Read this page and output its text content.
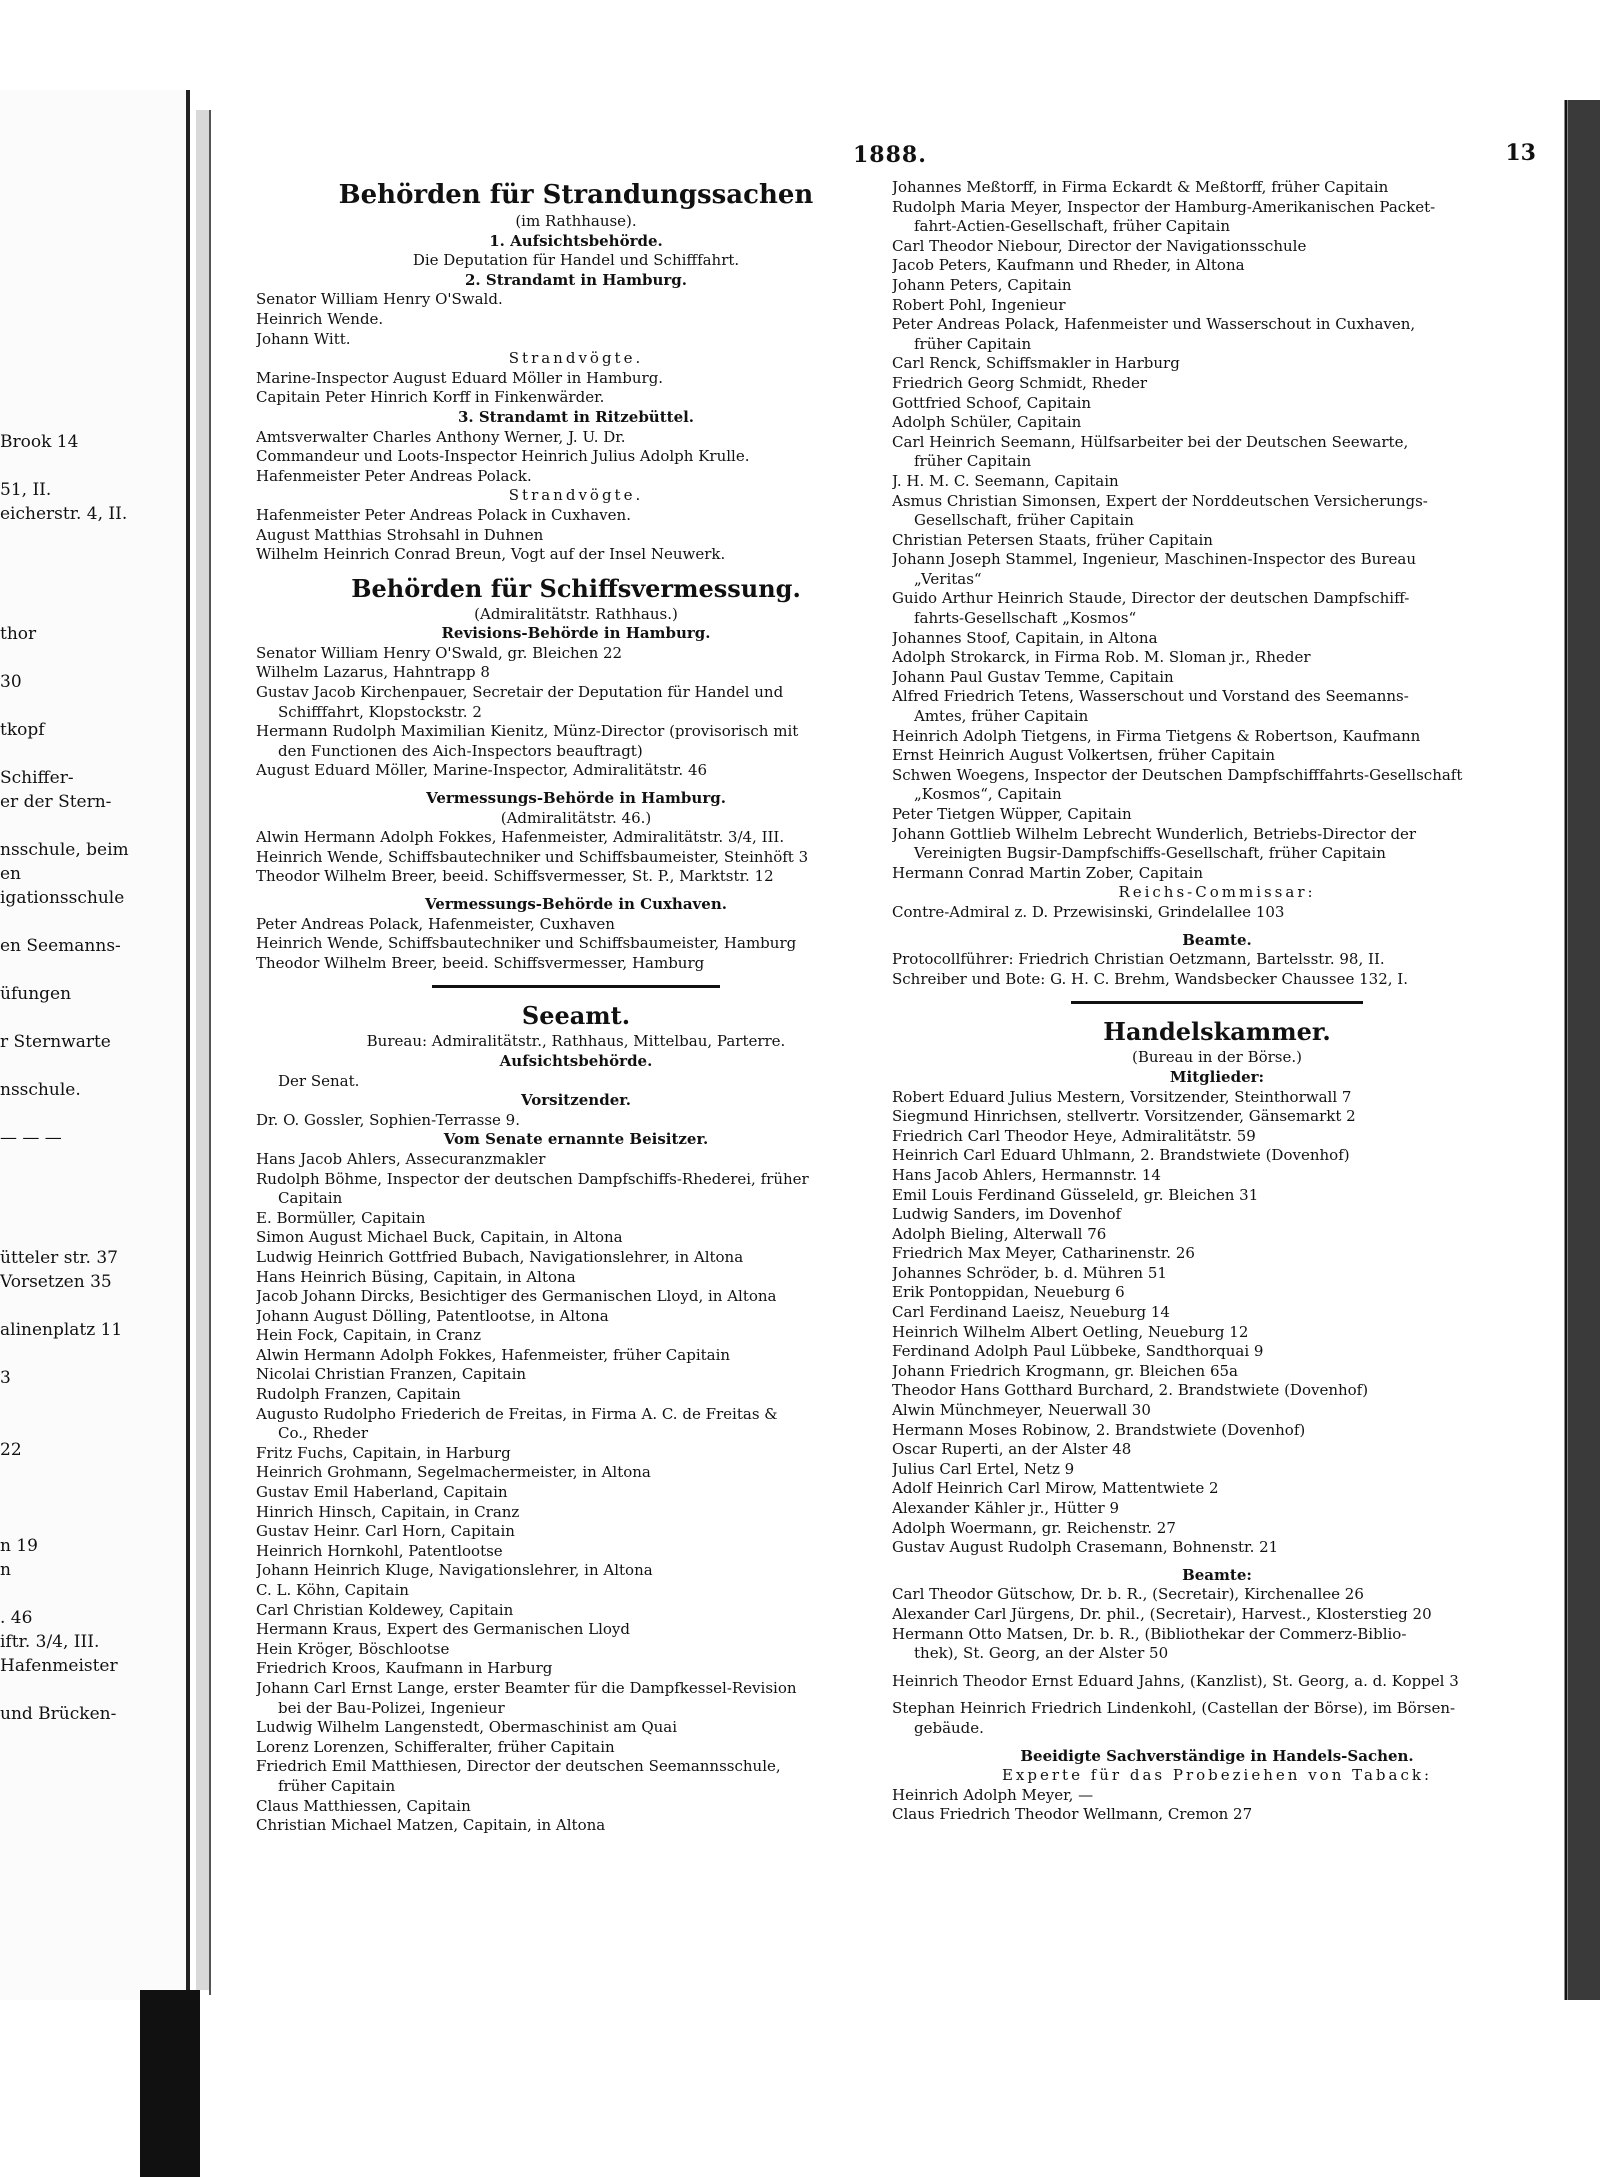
Brook 14

51, II.
eicherstr. 4, II.

thor

30

tkopf

Schiffer-
er der Stern-

nsschule, beim
en
igationsschule

en Seemanns-

üfungen

r Sternwarte

nsschule.

— — —

ütteler str. 37
Vorsetzen 35

alinenplatz 11

3

22

n 19
n

. 46
iftr. 3/4, III.
Hafenmeister

und Brücken-
1888.	13
Behörden für Strandungssachen
(im Rathhause).
1. Aufsichtsbehörde.
Die Deputation für Handel und Schifffahrt.
2. Strandamt in Hamburg.
Senator William Henry O'Swald.
Heinrich Wende.
Johann Witt.
Strandvögte.
Marine-Inspector August Eduard Möller in Hamburg.
Capitain Peter Hinrich Korff in Finkenwärder.
3. Strandamt in Ritzebüttel.
Amtsverwalter Charles Anthony Werner, J. U. Dr.
Commandeur und Loots-Inspector Heinrich Julius Adolph Krulle.
Hafenmeister Peter Andreas Polack.
Strandvögte.
Hafenmeister Peter Andreas Polack in Cuxhaven.
August Matthias Strohsahl in Duhnen
Wilhelm Heinrich Conrad Breun, Vogt auf der Insel Neuwerk.
Behörden für Schiffsvermessung.
(Admiralitätstr. Rathhaus.)
Revisions-Behörde in Hamburg.
Senator William Henry O'Swald, gr. Bleichen 22
Wilhelm Lazarus, Hahntrapp 8
Gustav Jacob Kirchenpauer, Secretair der Deputation für Handel und
Schifffahrt, Klopstockstr. 2
Hermann Rudolph Maximilian Kienitz, Münz-Director (provisorisch mit
den Functionen des Aich-Inspectors beauftragt)
August Eduard Möller, Marine-Inspector, Admiralitätstr. 46
Vermessungs-Behörde in Hamburg.
(Admiralitätstr. 46.)
Alwin Hermann Adolph Fokkes, Hafenmeister, Admiralitätstr. 3/4, III.
Heinrich Wende, Schiffsbautechniker und Schiffsbaumeister, Steinhöft 3
Theodor Wilhelm Breer, beeid. Schiffsvermesser, St. P., Marktstr. 12
Vermessungs-Behörde in Cuxhaven.
Peter Andreas Polack, Hafenmeister, Cuxhaven
Heinrich Wende, Schiffsbautechniker und Schiffsbaumeister, Hamburg
Theodor Wilhelm Breer, beeid. Schiffsvermesser, Hamburg
Seeamt.
Bureau: Admiralitätstr., Rathhaus, Mittelbau, Parterre.
Aufsichtsbehörde.
Der Senat.
Vorsitzender.
Dr. O. Gossler, Sophien-Terrasse 9.
Vom Senate ernannte Beisitzer.
Hans Jacob Ahlers, Assecuranzmakler
Rudolph Böhme, Inspector der deutschen Dampfschiffs-Rhederei, früher
Capitain
E. Bormüller, Capitain
Simon August Michael Buck, Capitain, in Altona
Ludwig Heinrich Gottfried Bubach, Navigationslehrer, in Altona
Hans Heinrich Büsing, Capitain, in Altona
Jacob Johann Dircks, Besichtiger des Germanischen Lloyd, in Altona
Johann August Dölling, Patentlootse, in Altona
Hein Fock, Capitain, in Cranz
Alwin Hermann Adolph Fokkes, Hafenmeister, früher Capitain
Nicolai Christian Franzen, Capitain
Rudolph Franzen, Capitain
Augusto Rudolpho Friederich de Freitas, in Firma A. C. de Freitas &
Co., Rheder
Fritz Fuchs, Capitain, in Harburg
Heinrich Grohmann, Segelmachermeister, in Altona
Gustav Emil Haberland, Capitain
Hinrich Hinsch, Capitain, in Cranz
Gustav Heinr. Carl Horn, Capitain
Heinrich Hornkohl, Patentlootse
Johann Heinrich Kluge, Navigationslehrer, in Altona
C. L. Köhn, Capitain
Carl Christian Koldewey, Capitain
Hermann Kraus, Expert des Germanischen Lloyd
Hein Kröger, Böschlootse
Friedrich Kroos, Kaufmann in Harburg
Johann Carl Ernst Lange, erster Beamter für die Dampfkessel-Revision
bei der Bau-Polizei, Ingenieur
Ludwig Wilhelm Langenstedt, Obermaschinist am Quai
Lorenz Lorenzen, Schifferalter, früher Capitain
Friedrich Emil Matthiesen, Director der deutschen Seemannsschule,
früher Capitain
Claus Matthiessen, Capitain
Christian Michael Matzen, Capitain, in Altona
Johannes Meßtorff, in Firma Eckardt & Meßtorff, früher Capitain
Rudolph Maria Meyer, Inspector der Hamburg-Amerikanischen Packet-
fahrt-Actien-Gesellschaft, früher Capitain
Carl Theodor Niebour, Director der Navigationsschule
Jacob Peters, Kaufmann und Rheder, in Altona
Johann Peters, Capitain
Robert Pohl, Ingenieur
Peter Andreas Polack, Hafenmeister und Wasserschout in Cuxhaven,
früher Capitain
Carl Renck, Schiffsmakler in Harburg
Friedrich Georg Schmidt, Rheder
Gottfried Schoof, Capitain
Adolph Schüler, Capitain
Carl Heinrich Seemann, Hülfsarbeiter bei der Deutschen Seewarte,
früher Capitain
J. H. M. C. Seemann, Capitain
Asmus Christian Simonsen, Expert der Norddeutschen Versicherungs-
Gesellschaft, früher Capitain
Christian Petersen Staats, früher Capitain
Johann Joseph Stammel, Ingenieur, Maschinen-Inspector des Bureau
„Veritas“
Guido Arthur Heinrich Staude, Director der deutschen Dampfschiff-
fahrts-Gesellschaft „Kosmos“
Johannes Stoof, Capitain, in Altona
Adolph Strokarck, in Firma Rob. M. Sloman jr., Rheder
Johann Paul Gustav Temme, Capitain
Alfred Friedrich Tetens, Wasserschout und Vorstand des Seemanns-
Amtes, früher Capitain
Heinrich Adolph Tietgens, in Firma Tietgens & Robertson, Kaufmann
Ernst Heinrich August Volkertsen, früher Capitain
Schwen Woegens, Inspector der Deutschen Dampfschifffahrts-Gesellschaft
„Kosmos“, Capitain
Peter Tietgen Wüpper, Capitain
Johann Gottlieb Wilhelm Lebrecht Wunderlich, Betriebs-Director der
Vereinigten Bugsir-Dampfschiffs-Gesellschaft, früher Capitain
Hermann Conrad Martin Zober, Capitain
Reichs-Commissar:
Contre-Admiral z. D. Przewisinski, Grindelallee 103
Beamte.
Protocollführer: Friedrich Christian Oetzmann, Bartelsstr. 98, II.
Schreiber und Bote: G. H. C. Brehm, Wandsbecker Chaussee 132, I.
Handelskammer.
(Bureau in der Börse.)
Mitglieder:
Robert Eduard Julius Mestern, Vorsitzender, Steinthorwall 7
Siegmund Hinrichsen, stellvertr. Vorsitzender, Gänsemarkt 2
Friedrich Carl Theodor Heye, Admiralitätstr. 59
Heinrich Carl Eduard Uhlmann, 2. Brandstwiete (Dovenhof)
Hans Jacob Ahlers, Hermannstr. 14
Emil Louis Ferdinand Güsseleld, gr. Bleichen 31
Ludwig Sanders, im Dovenhof
Adolph Bieling, Alterwall 76
Friedrich Max Meyer, Catharinenstr. 26
Johannes Schröder, b. d. Mühren 51
Erik Pontoppidan, Neueburg 6
Carl Ferdinand Laeisz, Neueburg 14
Heinrich Wilhelm Albert Oetling, Neueburg 12
Ferdinand Adolph Paul Lübbeke, Sandthorquai 9
Johann Friedrich Krogmann, gr. Bleichen 65a
Theodor Hans Gotthard Burchard, 2. Brandstwiete (Dovenhof)
Alwin Münchmeyer, Neuerwall 30
Hermann Moses Robinow, 2. Brandstwiete (Dovenhof)
Oscar Ruperti, an der Alster 48
Julius Carl Ertel, Netz 9
Adolf Heinrich Carl Mirow, Mattentwiete 2
Alexander Kähler jr., Hütter 9
Adolph Woermann, gr. Reichenstr. 27
Gustav August Rudolph Crasemann, Bohnenstr. 21
Beamte:
Carl Theodor Gütschow, Dr. b. R., (Secretair), Kirchenallee 26
Alexander Carl Jürgens, Dr. phil., (Secretair), Harvest., Klosterstieg 20
Hermann Otto Matsen, Dr. b. R., (Bibliothekar der Commerz-Biblio-
thek), St. Georg, an der Alster 50
Heinrich Theodor Ernst Eduard Jahns, (Kanzlist), St. Georg, a. d. Koppel 3
Stephan Heinrich Friedrich Lindenkohl, (Castellan der Börse), im Börsen-
gebäude.
Beeidigte Sachverständige in Handels-Sachen.
Experte für das Probeziehen von Taback:
Heinrich Adolph Meyer, —
Claus Friedrich Theodor Wellmann, Cremon 27
